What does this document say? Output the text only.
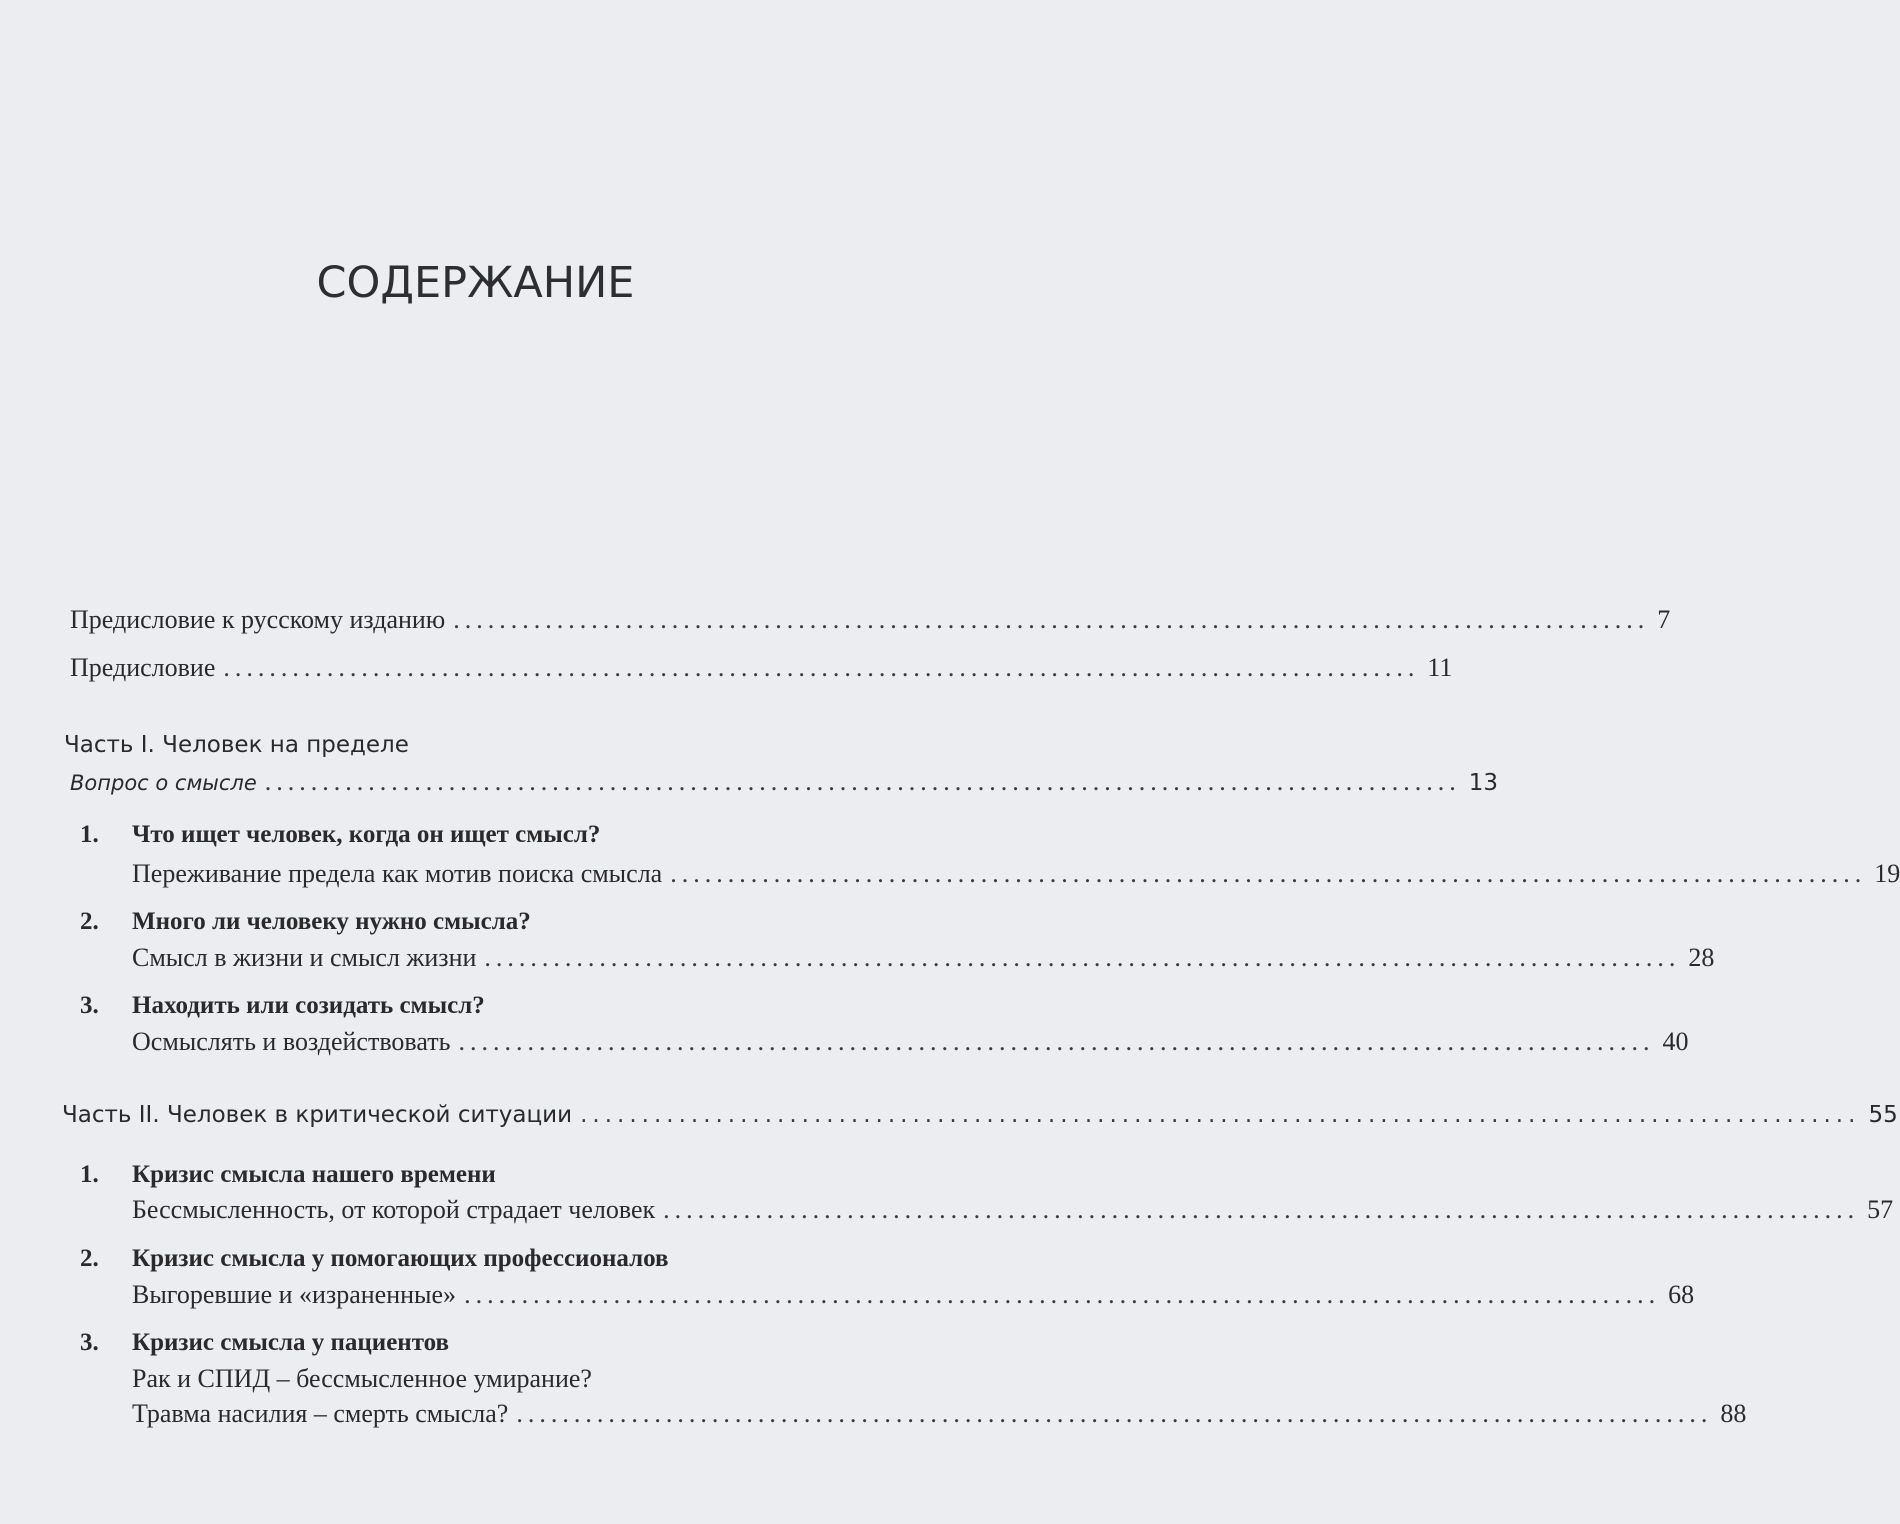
СОДЕРЖАНИЕ
Предисловие к русскому изданию ........................................................................................................ 7
Предисловие ........................................................................................................ 11
Часть I. Человек на пределе
Вопрос о смысле ........................................................................................................ 13
1. Что ищет человек, когда он ищет смысл?
Переживание предела как мотив поиска смысла ........................................................................................................ 19
2. Много ли человеку нужно смысла?
Смысл в жизни и смысл жизни ........................................................................................................ 28
3. Находить или созидать смысл?
Осмыслять и воздействовать ........................................................................................................ 40
Часть II. Человек в критической ситуации ........................................................................................................ 55
1. Кризис смысла нашего времени
Бессмысленность, от которой страдает человек ........................................................................................................ 57
2. Кризис смысла у помогающих профессионалов
Выгоревшие и «израненные» ........................................................................................................ 68
3. Кризис смысла у пациентов
Рак и СПИД – бессмысленное умирание?
Травма насилия – смерть смысла? ........................................................................................................ 88
